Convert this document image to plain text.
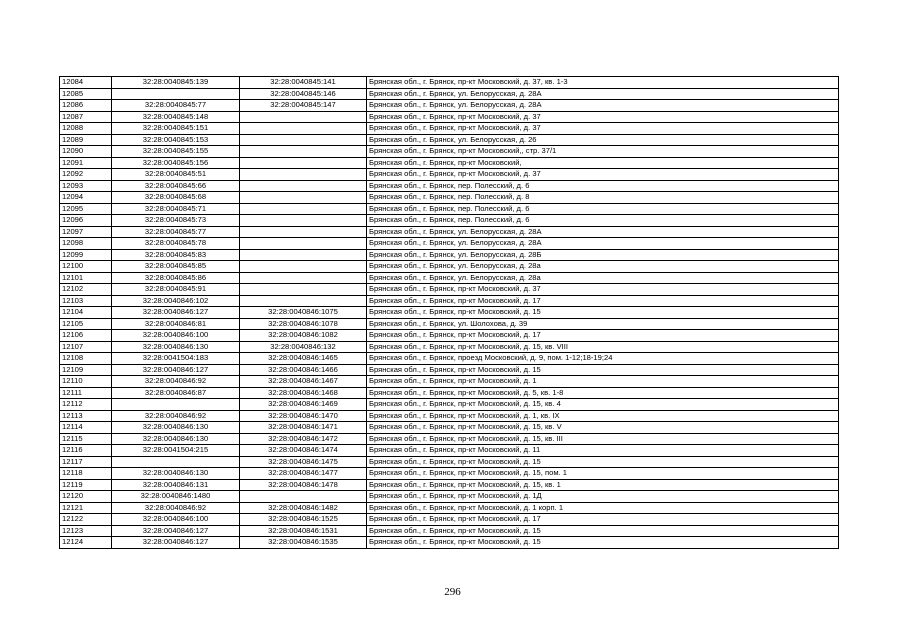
12084	32:28:0040845:139	32:28:0040845:141	Брянская обл., г. Брянск, пр-кт Московский, д. 37, кв. 1-3
12085		32:28:0040845:146	Брянская обл., г. Брянск, ул. Белорусская, д. 28А
12086	32:28:0040845:77	32:28:0040845:147	Брянская обл., г. Брянск, ул. Белорусская, д. 28А
12087	32:28:0040845:148		Брянская обл., г. Брянск, пр-кт Московский, д. 37
12088	32:28:0040845:151		Брянская обл., г. Брянск, пр-кт Московский, д. 37
12089	32:28:0040845:153		Брянская обл., г. Брянск, ул. Белорусская, д. 26
12090	32:28:0040845:155		Брянская обл., г. Брянск, пр-кт Московский,, стр. 37/1
12091	32:28:0040845:156		Брянская обл., г. Брянск, пр-кт Московский,
12092	32:28:0040845:51		Брянская обл., г. Брянск, пр-кт Московский, д. 37
12093	32:28:0040845:66		Брянская обл., г. Брянск, пер. Полесский, д. 6
12094	32:28:0040845:68		Брянская обл., г. Брянск, пер. Полесский, д. 8
12095	32:28:0040845:71		Брянская обл., г. Брянск, пер. Полесский, д. 6
12096	32:28:0040845:73		Брянская обл., г. Брянск, пер. Полесский, д. 6
12097	32:28:0040845:77		Брянская обл., г. Брянск, ул. Белорусская, д. 28А
12098	32:28:0040845:78		Брянская обл., г. Брянск, ул. Белорусская, д. 28А
12099	32:28:0040845:83		Брянская обл., г. Брянск, ул. Белорусская, д. 28Б
12100	32:28:0040845:85		Брянская обл., г. Брянск, ул. Белорусская, д. 28а
12101	32:28:0040845:86		Брянская обл., г. Брянск, ул. Белорусская, д. 28а
12102	32:28:0040845:91		Брянская обл., г. Брянск, пр-кт Московский, д. 37
12103	32:28:0040846:102		Брянская обл., г. Брянск, пр-кт Московский, д. 17
12104	32:28:0040846:127	32:28:0040846:1075	Брянская обл., г. Брянск, пр-кт Московский, д. 15
12105	32:28:0040846:81	32:28:0040846:1078	Брянская обл., г. Брянск, ул. Шолохова, д. 39
12106	32:28:0040846:100	32:28:0040846:1082	Брянская обл., г. Брянск, пр-кт Московский, д. 17
12107	32:28:0040846:130	32:28:0040846:132	Брянская обл., г. Брянск, пр-кт Московский, д. 15, кв. VIII
12108	32:28:0041504:183	32:28:0040846:1465	Брянская обл., г. Брянск, проезд Московский, д. 9, пом. 1-12;18-19;24
12109	32:28:0040846:127	32:28:0040846:1466	Брянская обл., г. Брянск, пр-кт Московский, д. 15
12110	32:28:0040846:92	32:28:0040846:1467	Брянская обл., г. Брянск, пр-кт Московский, д. 1
12111	32:28:0040846:87	32:28:0040846:1468	Брянская обл., г. Брянск, пр-кт Московский, д. 5, кв. 1-8
12112		32:28:0040846:1469	Брянская обл., г. Брянск, пр-кт Московский, д. 15, кв. 4
12113	32:28:0040846:92	32:28:0040846:1470	Брянская обл., г. Брянск, пр-кт Московский, д. 1, кв. IX
12114	32:28:0040846:130	32:28:0040846:1471	Брянская обл., г. Брянск, пр-кт Московский, д. 15, кв. V
12115	32:28:0040846:130	32:28:0040846:1472	Брянская обл., г. Брянск, пр-кт Московский, д. 15, кв. III
12116	32:28:0041504:215	32:28:0040846:1474	Брянская обл., г. Брянск, пр-кт Московский, д. 11
12117		32:28:0040846:1475	Брянская обл., г. Брянск, пр-кт Московский, д. 15
12118	32:28:0040846:130	32:28:0040846:1477	Брянская обл., г. Брянск, пр-кт Московский, д. 15, пом. 1
12119	32:28:0040846:131	32:28:0040846:1478	Брянская обл., г. Брянск, пр-кт Московский, д. 15, кв. 1
12120	32:28:0040846:1480		Брянская обл., г. Брянск, пр-кт Московский, д. 1Д
12121	32:28:0040846:92	32:28:0040846:1482	Брянская обл., г. Брянск, пр-кт Московский, д. 1 корп. 1
12122	32:28:0040846:100	32:28:0040846:1525	Брянская обл., г. Брянск, пр-кт Московский, д. 17
12123	32:28:0040846:127	32:28:0040846:1531	Брянская обл., г. Брянск, пр-кт Московский, д. 15
12124	32:28:0040846:127	32:28:0040846:1535	Брянская обл., г. Брянск, пр-кт Московский, д. 15
296
